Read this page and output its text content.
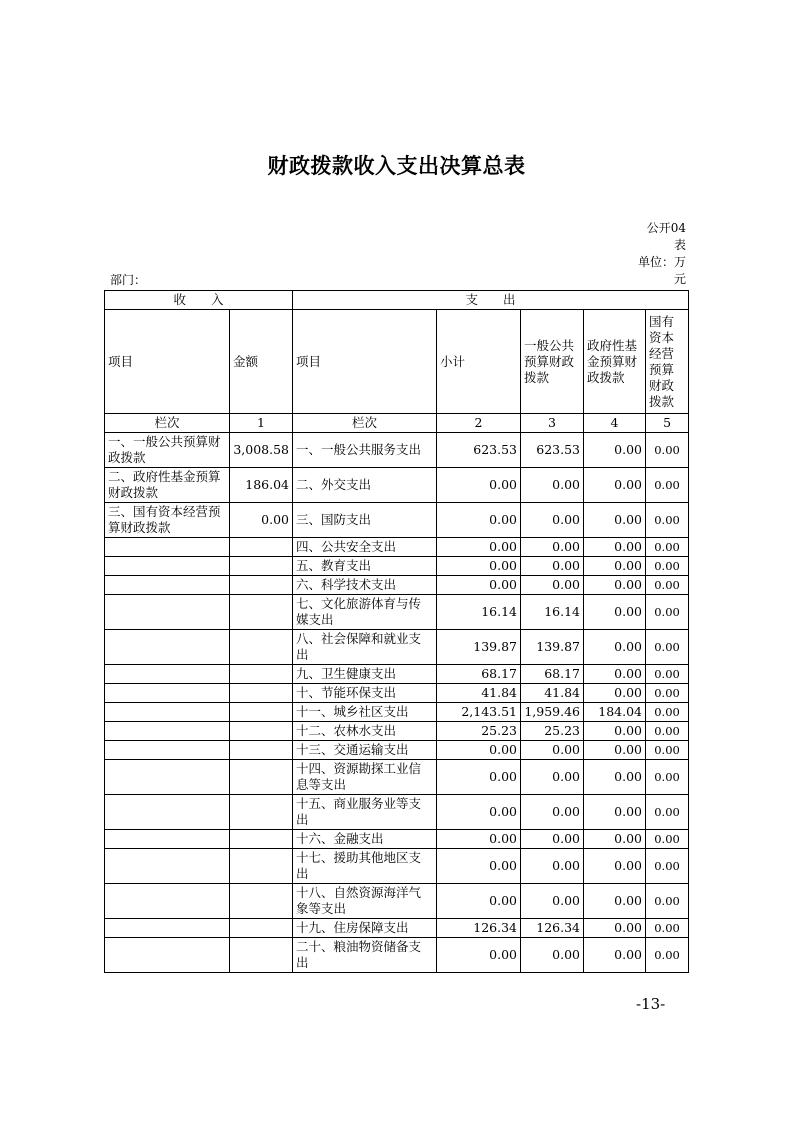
财政拨款收入支出决算总表
公开04表
单位：万元
部门：
收　　入		支　　出				
项目	金额	项目	小计	一般公共预算财政拨款	政府性基金预算财政拨款	国有资本经营预算财政拨款
栏次	1	栏次	2	3	4	5
一、一般公共预算财政拨款	3,008.58	一、一般公共服务支出	623.53	623.53	0.00	0.00
二、政府性基金预算财政拨款	186.04	二、外交支出	0.00	0.00	0.00	0.00
三、国有资本经营预算财政拨款	0.00	三、国防支出	0.00	0.00	0.00	0.00
		四、公共安全支出	0.00	0.00	0.00	0.00
		五、教育支出	0.00	0.00	0.00	0.00
		六、科学技术支出	0.00	0.00	0.00	0.00
		七、文化旅游体育与传媒支出	16.14	16.14	0.00	0.00
		八、社会保障和就业支出	139.87	139.87	0.00	0.00
		九、卫生健康支出	68.17	68.17	0.00	0.00
		十、节能环保支出	41.84	41.84	0.00	0.00
		十一、城乡社区支出	2,143.51	1,959.46	184.04	0.00
		十二、农林水支出	25.23	25.23	0.00	0.00
		十三、交通运输支出	0.00	0.00	0.00	0.00
		十四、资源勘探工业信息等支出	0.00	0.00	0.00	0.00
		十五、商业服务业等支出	0.00	0.00	0.00	0.00
		十六、金融支出	0.00	0.00	0.00	0.00
		十七、援助其他地区支出	0.00	0.00	0.00	0.00
		十八、自然资源海洋气象等支出	0.00	0.00	0.00	0.00
		十九、住房保障支出	126.34	126.34	0.00	0.00
		二十、粮油物资储备支出	0.00	0.00	0.00	0.00
-13-
